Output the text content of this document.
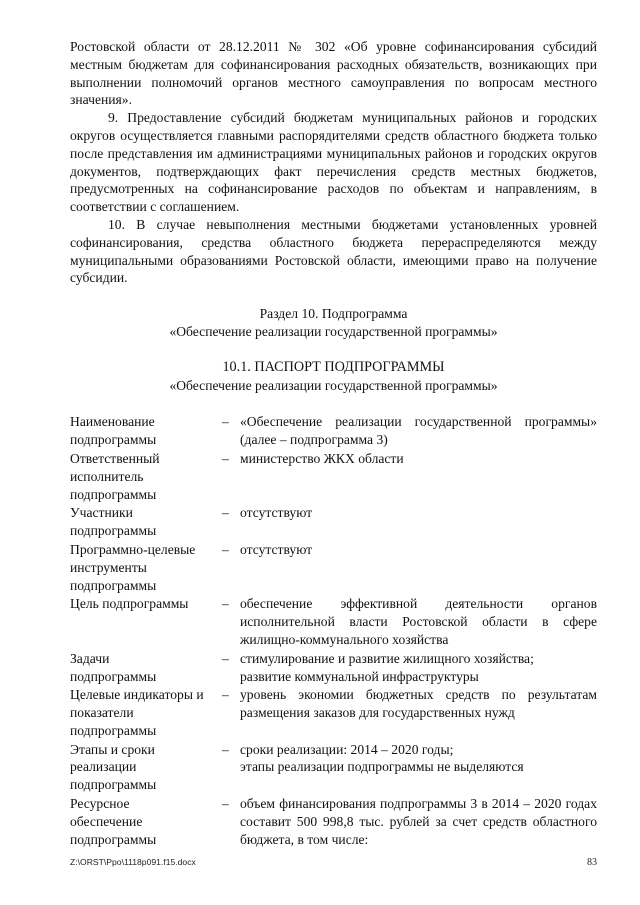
Ростовской области от 28.12.2011 № 302 «Об уровне софинансирования субсидий местным бюджетам для софинансирования расходных обязательств, возникающих при выполнении полномочий органов местного самоуправления по вопросам местного значения».

9. Предоставление субсидий бюджетам муниципальных районов и городских округов осуществляется главными распорядителями средств областного бюджета только после представления им администрациями муниципальных районов и городских округов документов, подтверждающих факт перечисления средств местных бюджетов, предусмотренных на софинансирование расходов по объектам и направлениям, в соответствии с соглашением.

10. В случае невыполнения местными бюджетами установленных уровней софинансирования, средства областного бюджета перераспределяются между муниципальными образованиями Ростовской области, имеющими право на получение субсидии.

Раздел 10. Подпрограмма

«Обеспечение реализации государственной программы»

10.1. ПАСПОРТ ПОДПРОГРАММЫ

«Обеспечение реализации государственной программы»

Наименование подпрограммы	–	«Обеспечение реализации государственной программы» (далее – подпрограмма 3)
Ответственный исполнитель подпрограммы	–	министерство ЖКХ области
Участники подпрограммы	–	отсутствуют
Программно-целевые инструменты подпрограммы	–	отсутствуют
Цель подпрограммы	–	обеспечение эффективной деятельности органов исполнительной власти Ростовской области в сфере жилищно-коммунального хозяйства
Задачи подпрограммы	–	стимулирование и развитие жилищного хозяйства;
развитие коммунальной инфраструктуры

Целевые индикаторы и показатели подпрограммы	–	уровень экономии бюджетных средств по результатам размещения заказов для государственных нужд
Этапы и сроки реализации подпрограммы	–	сроки реализации: 2014 – 2020 годы;
этапы реализации подпрограммы не выделяются

Ресурсное обеспечение подпрограммы	–	объем финансирования подпрограммы 3 в 2014 – 2020 годах составит 500 998,8 тыс. рублей за счет средств областного бюджета, в том числе:
Z:\ORST\Ppo\1118p091.f15.docx	83
